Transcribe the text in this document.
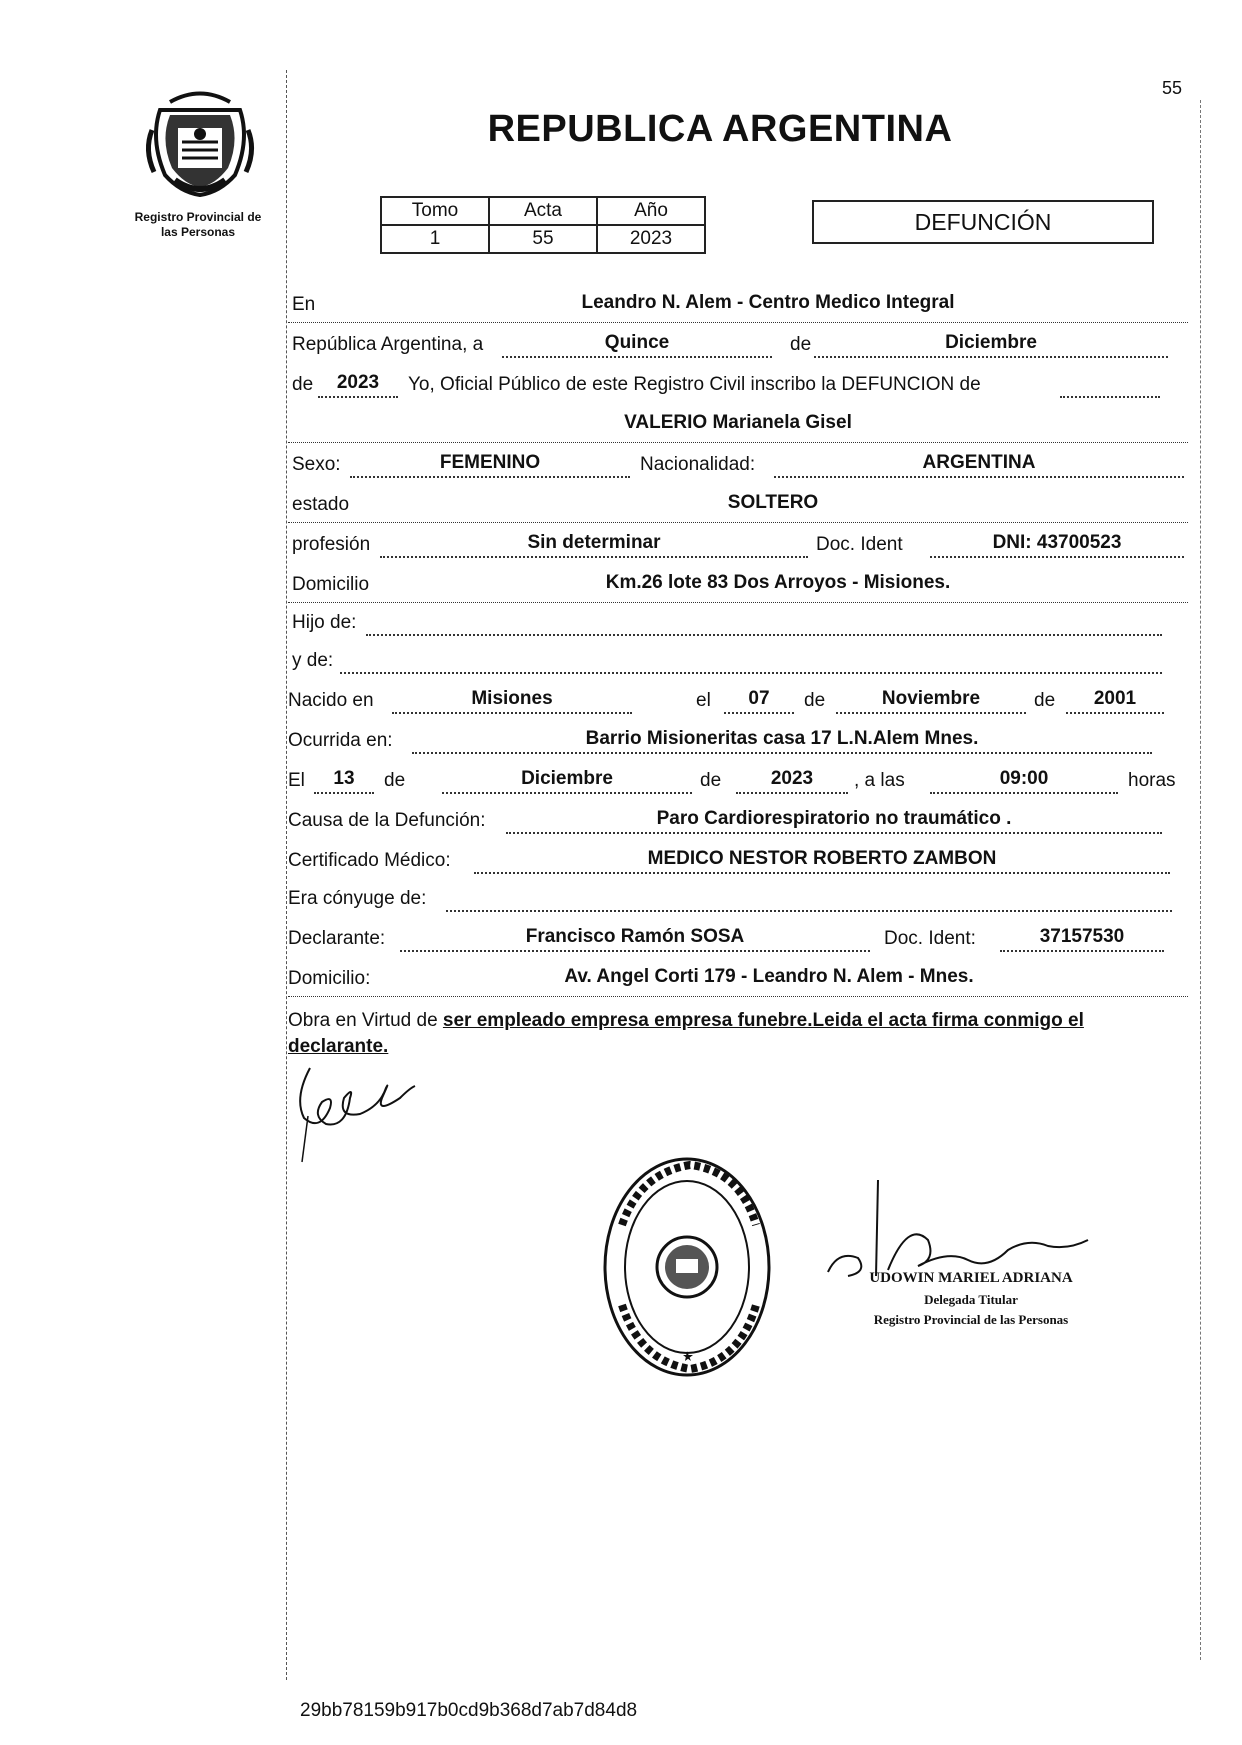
55
Registro Provincial de
las Personas
REPUBLICA ARGENTINA
Tomo	Acta	Año
1	55	2023
DEFUNCIÓN
En	Leandro N. Alem - Centro Medico Integral
República Argentina, a	Quince	de	Diciembre
de	2023	Yo, Oficial Público de este Registro Civil inscribo la DEFUNCION de
VALERIO Marianela Gisel
Sexo:	FEMENINO	Nacionalidad:	ARGENTINA
estado	SOLTERO
profesión	Sin determinar	Doc. Ident	DNI: 43700523
Domicilio	Km.26 lote 83 Dos Arroyos - Misiones.
Hijo de:
y de:
Nacido en	Misiones	el	07	de	Noviembre	de	2001
Ocurrida en:	Barrio Misioneritas casa 17 L.N.Alem Mnes.
El	13	de	Diciembre	de	2023	, a las	09:00	horas
Causa de la Defunción:	Paro Cardiorespiratorio no traumático .
Certificado Médico:	MEDICO NESTOR ROBERTO ZAMBON
Era cónyuge de:
Declarante:	Francisco Ramón SOSA	Doc. Ident:	37157530
Domicilio:	Av. Angel Corti 179 - Leandro N. Alem - Mnes.
Obra en Virtud de ser empleado empresa empresa funebre.Leida el acta firma conmigo el declarante.
UDOWIN MARIEL ADRIANA
Delegada Titular
Registro Provincial de las Personas
29bb78159b917b0cd9b368d7ab7d84d8
